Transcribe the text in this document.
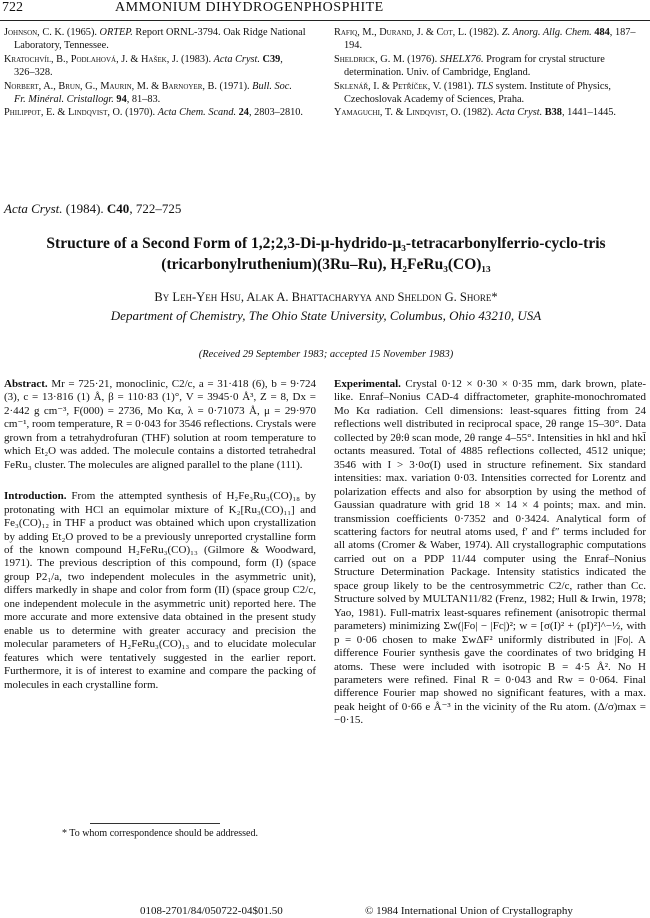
722	AMMONIUM DIHYDROGENPHOSPHITE

Johnson, C. K. (1965). ORTEP. Report ORNL-3794. Oak Ridge National Laboratory, Tennessee.

Kratochvíl, B., Podlahová, J. & Hašek, J. (1983). Acta Cryst. C39, 326–328.

Norbert, A., Brun, G., Maurin, M. & Barnoyer, B. (1971). Bull. Soc. Fr. Minéral. Cristallogr. 94, 81–83.

Philippot, E. & Lindqvist, O. (1970). Acta Chem. Scand. 24, 2803–2810.

Rafiq, M., Durand, J. & Cot, L. (1982). Z. Anorg. Allg. Chem. 484, 187–194.

Sheldrick, G. M. (1976). SHELX76. Program for crystal structure determination. Univ. of Cambridge, England.

Sklenář, I. & Petříček, V. (1981). TLS system. Institute of Physics, Czechoslovak Academy of Sciences, Praha.

Yamaguchi, T. & Lindqvist, O. (1982). Acta Cryst. B38, 1441–1445.

Acta Cryst. (1984). C40, 722–725
Structure of a Second Form of 1,2;2,3-Di-μ-hydrido-μ₃-tetracarbonylferrio-cyclo-tris
(tricarbonylruthenium)(3Ru–Ru), H₂FeRu₃(CO)₁₃

By Leh-Yeh Hsu, Alak A. Bhattacharyya and Sheldon G. Shore*

Department of Chemistry, The Ohio State University, Columbus, Ohio 43210, USA

(Received 29 September 1983; accepted 15 November 1983)

Abstract. Mr = 725·21, monoclinic, C2/c, a = 31·418 (6), b = 9·724 (3), c = 13·816 (1) Å, β = 110·83 (1)°, V = 3945·0 Å³, Z = 8, Dx = 2·442 g cm⁻³, F(000) = 2736, Mo Kα, λ = 0·71073 Å, μ = 29·970 cm⁻¹, room temperature, R = 0·043 for 3546 reflections. Crystals were grown from a tetrahydrofuran (THF) solution at room temperature to which Et₂O was added. The molecule contains a distorted tetrahedral FeRu₃ cluster. The molecules are aligned parallel to the plane (111).

Introduction. From the attempted synthesis of H₂Fe₃Ru₃(CO)₁₈ by protonating with HCl an equimolar mixture of K₂[Ru₃(CO)₁₁] and Fe₃(CO)₁₂ in THF a product was obtained which upon crystallization by adding Et₂O proved to be a previously unreported crystalline form of the known compound H₂FeRu₃(CO)₁₃ (Gilmore & Woodward, 1971). The previous description of this compound, form (I) (space group P2₁/a, two independent molecules in the asymmetric unit), differs markedly in shape and color from form (II) (space group C2/c, one independent molecule in the asymmetric unit) reported here. The more accurate and more extensive data obtained in the present study enable us to determine with greater accuracy and precision the molecular parameters of H₂FeRu₃(CO)₁₃ and to elucidate molecular features which were tentatively suggested in the earlier report. Furthermore, it is of interest to examine and compare the packing of molecules in each crystalline form.

Experimental. Crystal 0·12 × 0·30 × 0·35 mm, dark brown, plate-like. Enraf–Nonius CAD-4 diffractometer, graphite-monochromated Mo Kα radiation. Cell dimensions: least-squares fitting from 24 reflections well distributed in reciprocal space, 2θ range 15–30°. Data collected by 2θ:θ scan mode, 2θ range 4–55°. Intensities in hkl and hkl̄ octants measured. Total of 4885 reflections collected, 4512 unique; 3546 with I > 3·0σ(I) used in structure refinement. Six standard intensities: max. variation 0·03. Intensities corrected for Lorentz and polarization effects and also for absorption by using the method of Gaussian quadrature with grid 18 × 14 × 4 points; max. and min. transmission coefficients 0·7352 and 0·3424. Analytical form of scattering factors for neutral atoms used, f′ and f″ terms included for all atoms (Cromer & Waber, 1974). All crystallographic computations carried out on a PDP 11/44 computer using the Enraf–Nonius Structure Determination Package. Intensity statistics indicated the space group likely to be the centrosymmetric C2/c, rather than Cc. Structure solved by MULTAN11/82 (Frenz, 1982; Hull & Irwin, 1978; Yao, 1981). Full-matrix least-squares refinement (anisotropic thermal parameters) minimizing Σw(|Fo| − |Fc|)²; w = [σ(I)² + (pI)²]^−½, with p = 0·06 chosen to make ΣwΔF² uniformly distributed in |Fo|. A difference Fourier synthesis gave the coordinates of two bridging H atoms. These were included with isotropic B = 4·5 Å². No H parameters were refined. Final R = 0·043 and Rw = 0·064. Final difference Fourier map showed no significant features, with a max. peak height of 0·66 e Å⁻³ in the vicinity of the Ru atom. (Δ/σ)max = −0·15.

* To whom correspondence should be addressed.
0108-2701/84/050722-04$01.50	© 1984 International Union of Crystallography
